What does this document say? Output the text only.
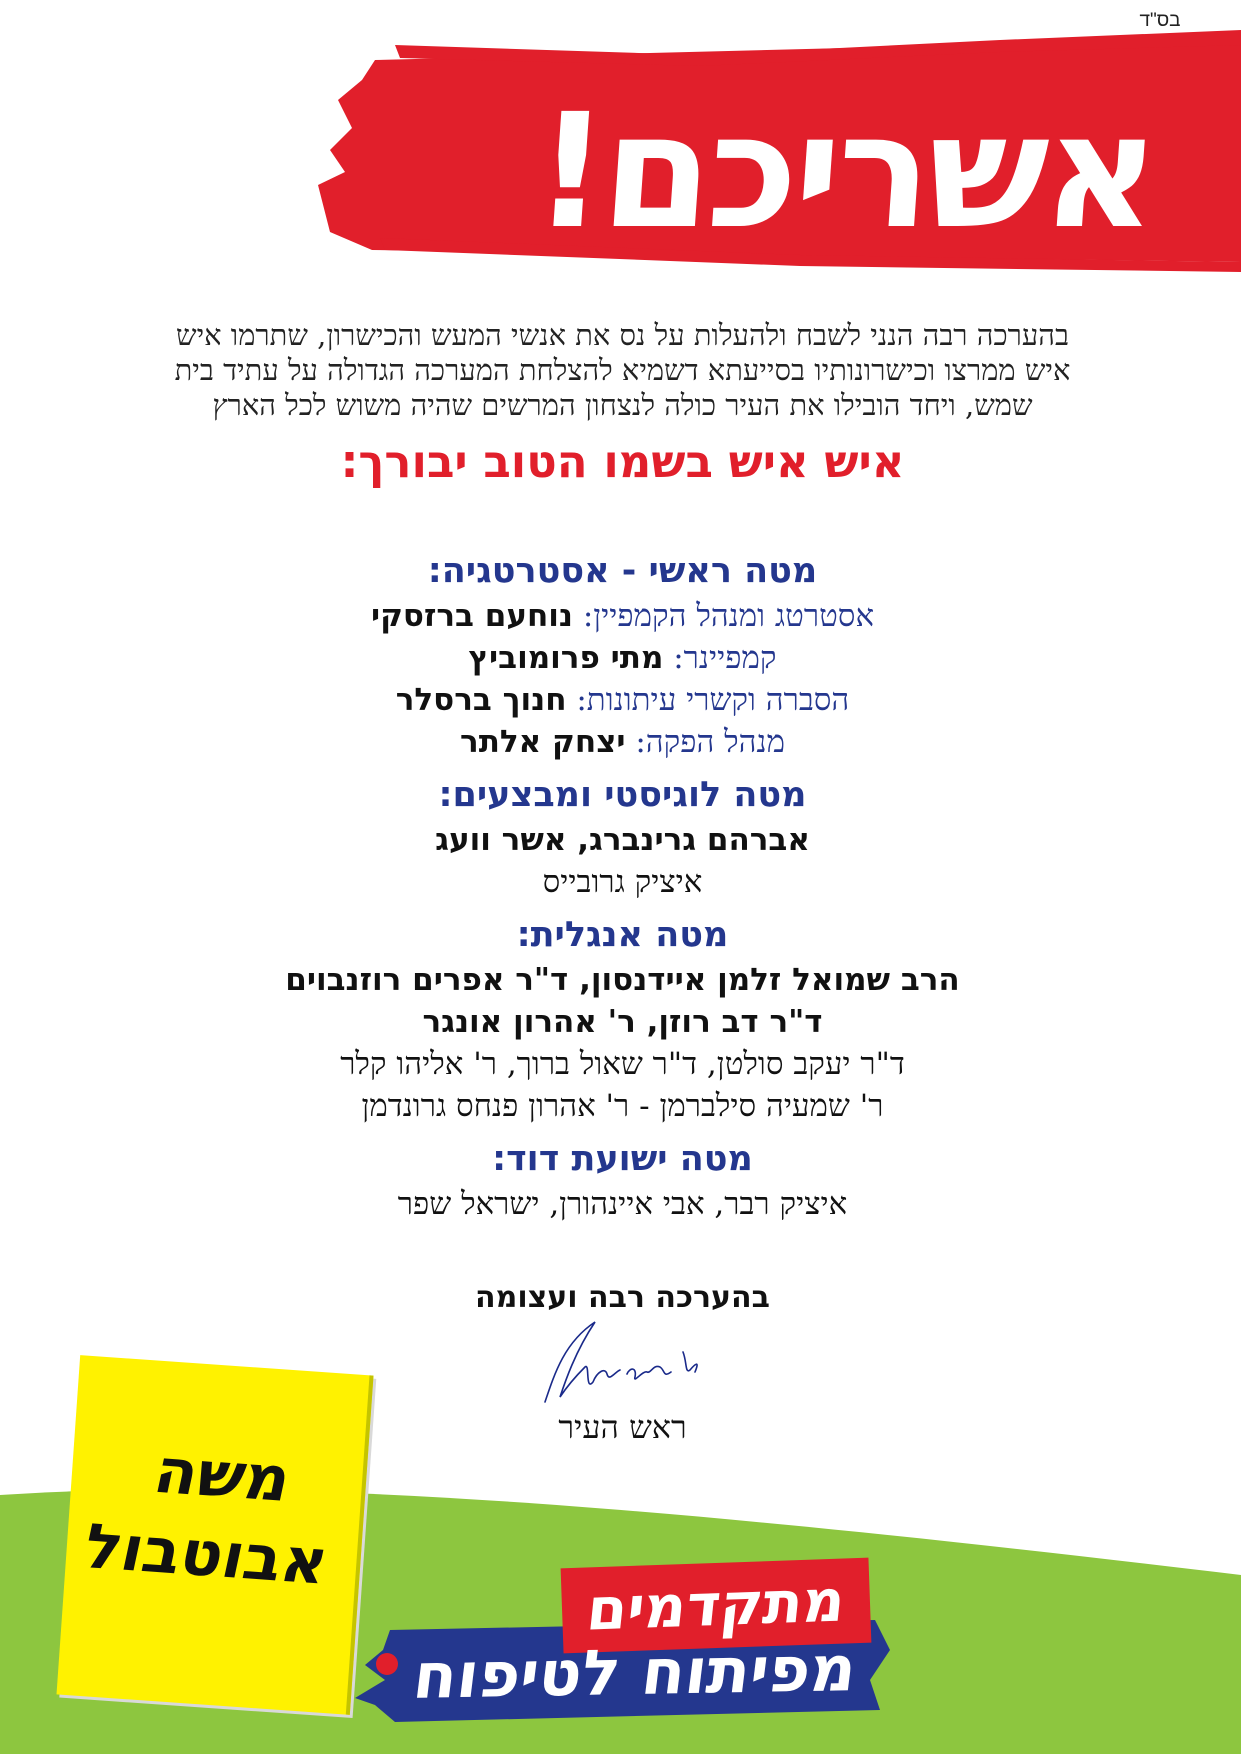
בס"ד
אשריכם!
בהערכה רבה הנני לשבח ולהעלות על נס את אנשי המעש והכישרון, שתרמו איש
איש ממרצו וכישרונותיו בסייעתא דשמיא להצלחת המערכה הגדולה על עתיד בית
שמש, ויחד הובילו את העיר כולה לנצחון המרשים שהיה משוש לכל הארץ
איש איש בשמו הטוב יבורך:
מטה ראשי - אסטרטגיה:
אסטרטג ומנהל הקמפיין: נוחעם ברזסקי
קמפיינר: מתי פרומוביץ
הסברה וקשרי עיתונות: חנוך ברסלר
מנהל הפקה: יצחק אלתר
מטה לוגיסטי ומבצעים:
אברהם גרינברג, אשר וועג
איציק גרובייס
מטה אנגלית:
הרב שמואל זלמן איידנסון, ד"ר אפרים רוזנבוים
ד"ר דב רוזן, ר' אהרון אונגר
ד"ר יעקב סולטן, ד"ר שאול ברוך, ר' אליהו קלר
ר' שמעיה סילברמן - ר' אהרון פנחס גרונדמן
מטה ישועת דוד:
איציק רבר, אבי איינהורן, ישראל שפר
בהערכה רבה ועצומה
ראש העיר
משה
אבוטבול
מתקדמים
מפיתוח לטיפוח
